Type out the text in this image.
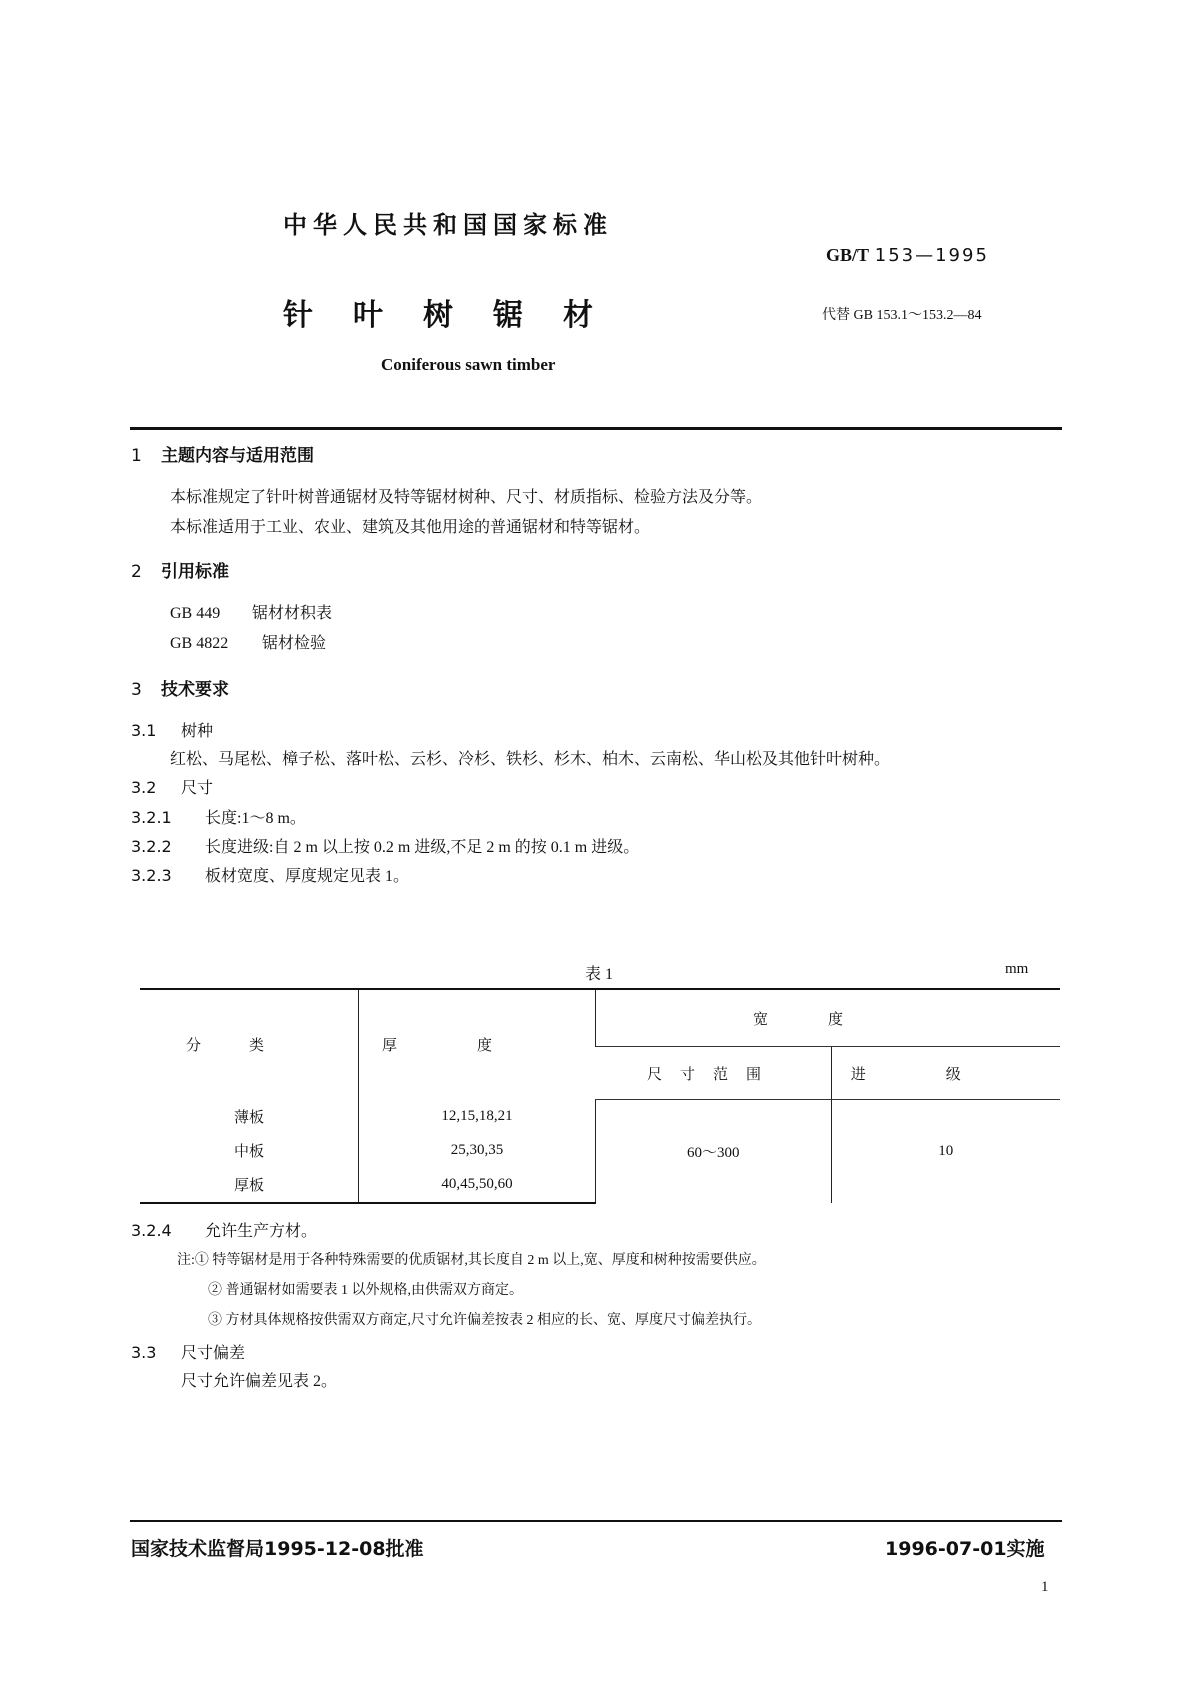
中华人民共和国国家标准
GB/T 153—1995
针叶树锯材	代替 GB 153.1～153.2—84
Coniferous sawn timber
1 主题内容与适用范围
本标准规定了针叶树普通锯材及特等锯材树种、尺寸、材质指标、检验方法及分等。
本标准适用于工业、农业、建筑及其他用途的普通锯材和特等锯材。
2 引用标准
GB 449 锯材材积表
GB 4822 锯材检验
3 技术要求
3.1 树种
红松、马尾松、樟子松、落叶松、云杉、冷杉、铁杉、杉木、柏木、云南松、华山松及其他针叶树种。
3.2 尺寸
3.2.1 长度:1～8 m。
3.2.2 长度进级:自 2 m 以上按 0.2 m 进级,不足 2 m 的按 0.1 m 进级。
3.2.3 板材宽度、厚度规定见表 1。
表 1	mm
分类	厚度	宽度	
		尺寸范围	进级
薄板	12,15,18,21	60～300	10
中板	25,30,35		
厚板	40,45,50,60		
3.2.4 允许生产方材。
注:① 特等锯材是用于各种特殊需要的优质锯材,其长度自 2 m 以上,宽、厚度和树种按需要供应。
② 普通锯材如需要表 1 以外规格,由供需双方商定。
③ 方材具体规格按供需双方商定,尺寸允许偏差按表 2 相应的长、宽、厚度尺寸偏差执行。
3.3 尺寸偏差
尺寸允许偏差见表 2。
国家技术监督局1995-12-08批准	1996-07-01实施
1
